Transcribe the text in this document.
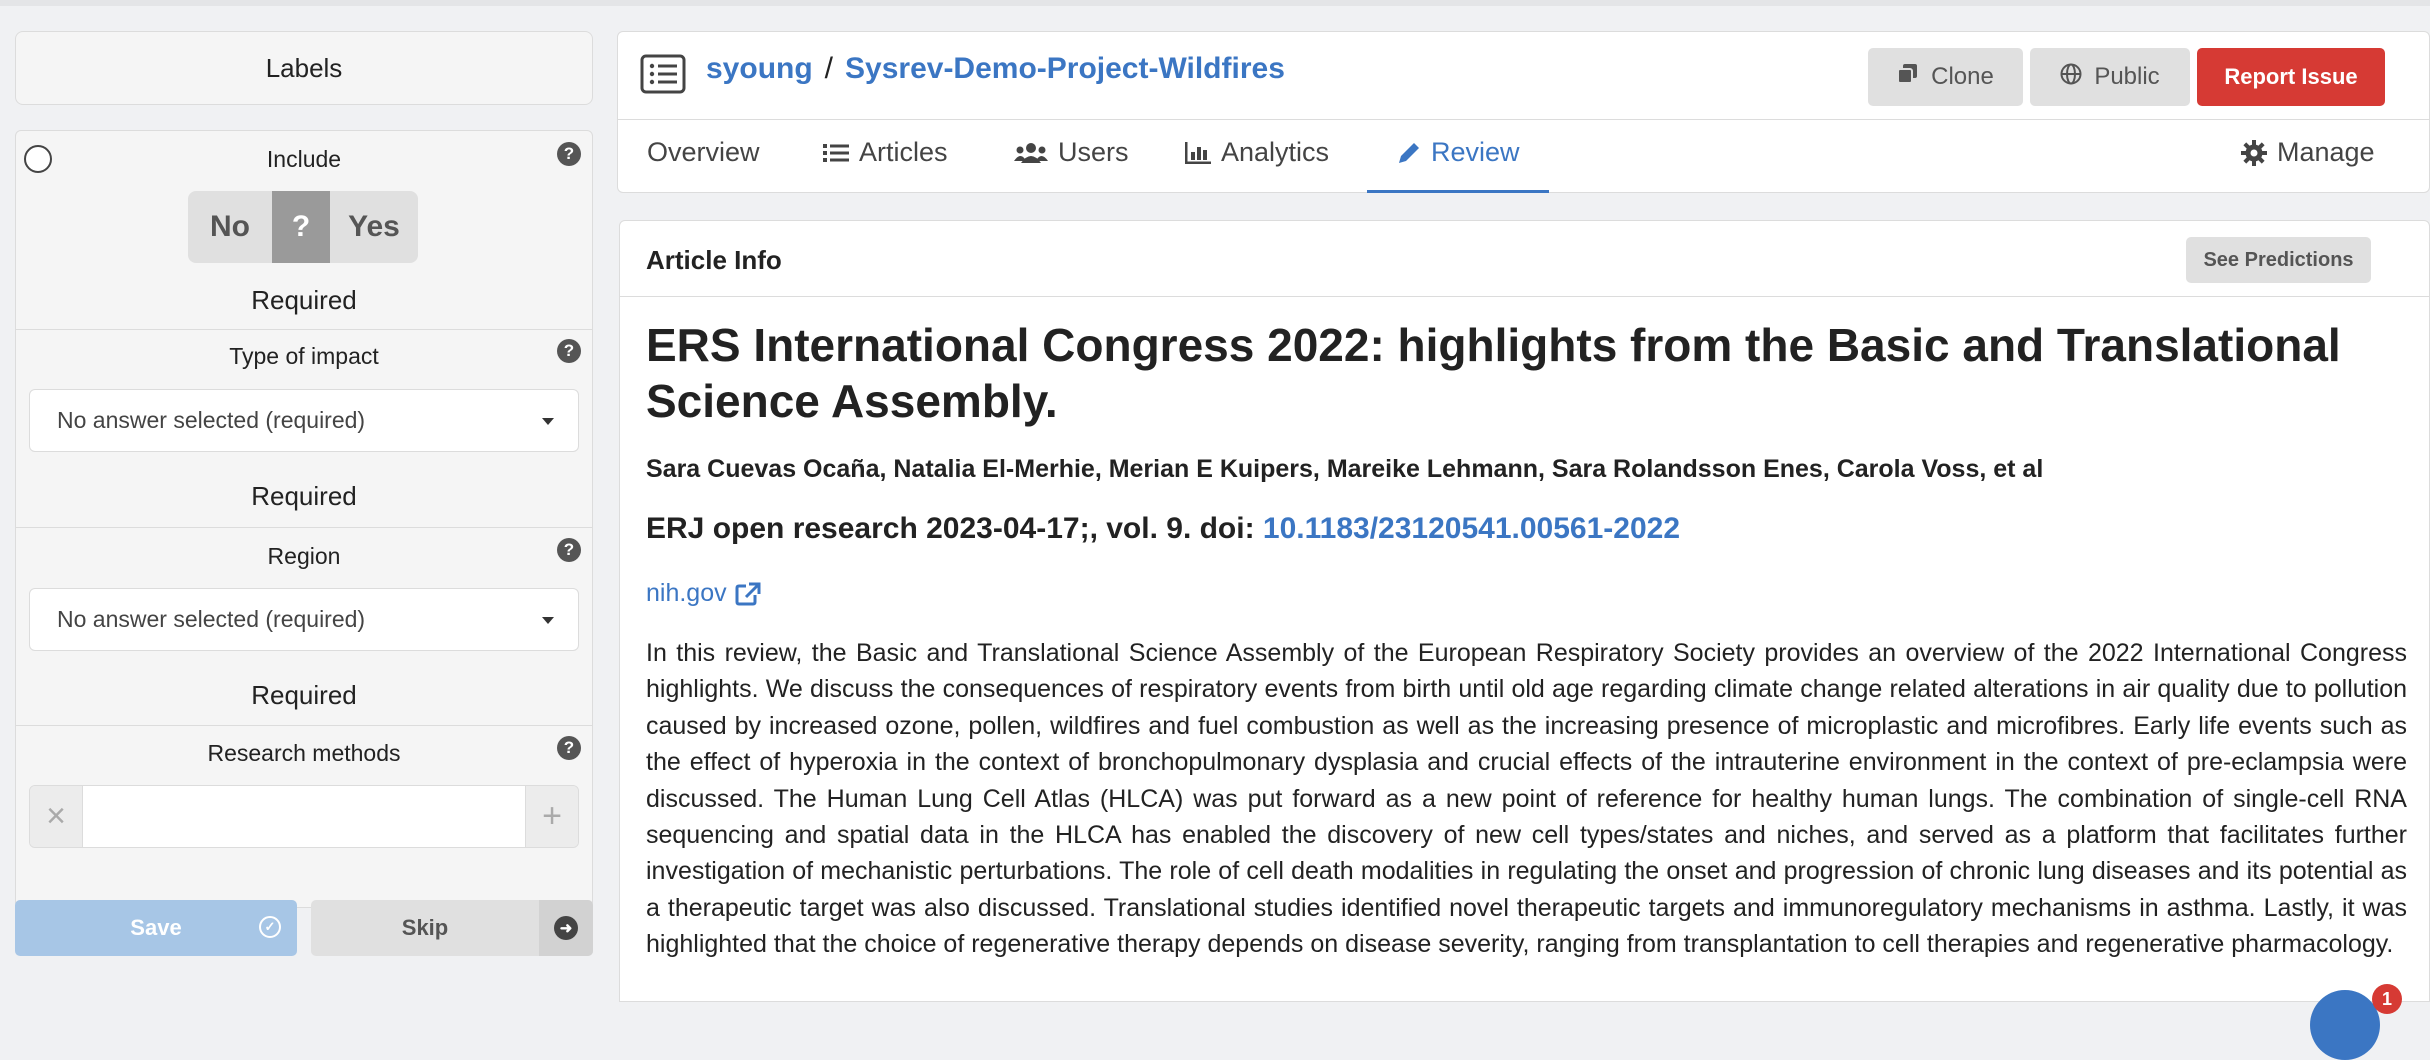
Labels
Include	?
No	?	Yes
Required
Type of impact	?
No answer selected (required)
Required
Region	?
No answer selected (required)
Required
Research methods	?
×	+
Save	✓	Skip	➜
syoung / Sysrev-Demo-Project-Wildfires	Clone	Public	Report Issue
Overview	Articles	Users	Analytics	Review	Manage
Article Info	See Predictions
ERS International Congress 2022: highlights from the Basic and Translational Science Assembly.
Sara Cuevas Ocaña, Natalia El-Merhie, Merian E Kuipers, Mareike Lehmann, Sara Rolandsson Enes, Carola Voss, et al
ERJ open research 2023-04-17;, vol. 9. doi: 10.1183/23120541.00561-2022
nih.gov
In this review, the Basic and Translational Science Assembly of the European Respiratory Society provides an overview of the 2022 International Congress highlights. We discuss the consequences of respiratory events from birth until old age regarding climate change related alterations in air quality due to pollution caused by increased ozone, pollen, wildfires and fuel combustion as well as the increasing presence of microplastic and microfibres. Early life events such as the effect of hyperoxia in the context of bronchopulmonary dysplasia and crucial effects of the intrauterine environment in the context of pre-eclampsia were discussed. The Human Lung Cell Atlas (HLCA) was put forward as a new point of reference for healthy human lungs. The combination of single-cell RNA sequencing and spatial data in the HLCA has enabled the discovery of new cell types/states and niches, and served as a platform that facilitates further investigation of mechanistic perturbations. The role of cell death modalities in regulating the onset and progression of chronic lung diseases and its potential as a therapeutic target was also discussed. Translational studies identified novel therapeutic targets and immunoregulatory mechanisms in asthma. Lastly, it was highlighted that the choice of regenerative therapy depends on disease severity, ranging from transplantation to cell therapies and regenerative pharmacology.
1
